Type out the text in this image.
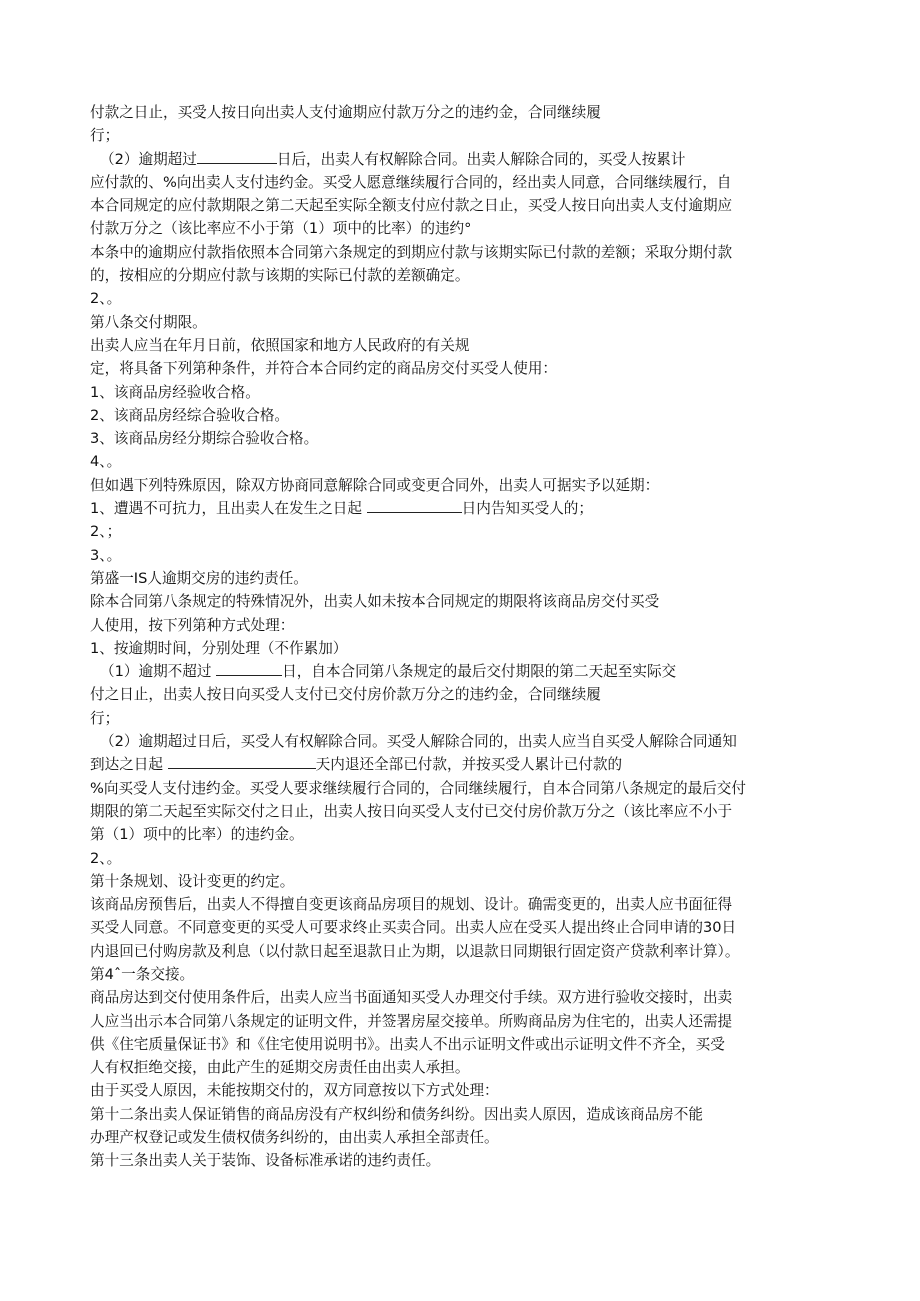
付款之日止，买受人按日向出卖人支付逾期应付款万分之的违约金，合同继续履
行；
（2）逾期超过	日后，出卖人有权解除合同。出卖人解除合同的，买受人按累计
应付款的、%向出卖人支付违约金。买受人愿意继续履行合同的，经出卖人同意，合同继续履行，自
本合同规定的应付款期限之第二天起至实际全额支付应付款之日止，买受人按日向出卖人支付逾期应
付款万分之（该比率应不小于第（1）项中的比率）的违约°
本条中的逾期应付款指依照本合同第六条规定的到期应付款与该期实际已付款的差额；采取分期付款
的，按相应的分期应付款与该期的实际已付款的差额确定。
2、。
第八条交付期限。
出卖人应当在年月日前，依照国家和地方人民政府的有关规
定，将具备下列第种条件，并符合本合同约定的商品房交付买受人使用：
1、该商品房经验收合格。
2、该商品房经综合验收合格。
3、该商品房经分期综合验收合格。
4、。
但如遇下列特殊原因，除双方协商同意解除合同或变更合同外，出卖人可据实予以延期：
1、遭遇不可抗力，且出卖人在发生之日起	日内告知买受人的；
2、；
3、。
第盛一IS人逾期交房的违约责任。
除本合同第八条规定的特殊情况外，出卖人如未按本合同规定的期限将该商品房交付买受
人使用，按下列第种方式处理：
1、按逾期时间，分别处理（不作累加）
（1）逾期不超过	日，自本合同第八条规定的最后交付期限的第二天起至实际交
付之日止，出卖人按日向买受人支付已交付房价款万分之的违约金，合同继续履
行；
（2）逾期超过日后，买受人有权解除合同。买受人解除合同的，出卖人应当自买受人解除合同通知
到达之日起	天内退还全部已付款，并按买受人累计已付款的
%向买受人支付违约金。买受人要求继续履行合同的，合同继续履行，自本合同第八条规定的最后交付
期限的第二天起至实际交付之日止，出卖人按日向买受人支付已交付房价款万分之（该比率应不小于
第（1）项中的比率）的违约金。
2、。
第十条规划、设计变更的约定。
该商品房预售后，出卖人不得擅自变更该商品房项目的规划、设计。确需变更的，出卖人应书面征得
买受人同意。不同意变更的买受人可要求终止买卖合同。出卖人应在受买人提出终止合同申请的30日
内退回已付购房款及利息（以付款日起至退款日止为期，以退款日同期银行固定资产贷款利率计算）。
第4ˆ一条交接。
商品房达到交付使用条件后，出卖人应当书面通知买受人办理交付手续。双方进行验收交接时，出卖
人应当出示本合同第八条规定的证明文件，并签署房屋交接单。所购商品房为住宅的，出卖人还需提
供《住宅质量保证书》和《住宅使用说明书》。出卖人不出示证明文件或出示证明文件不齐全，买受
人有权拒绝交接，由此产生的延期交房责任由出卖人承担。
由于买受人原因，未能按期交付的，双方同意按以下方式处理：
第十二条出卖人保证销售的商品房没有产权纠纷和债务纠纷。因出卖人原因，造成该商品房不能
办理产权登记或发生债权债务纠纷的，由出卖人承担全部责任。
第十三条出卖人关于装饰、设备标准承诺的违约责任。
